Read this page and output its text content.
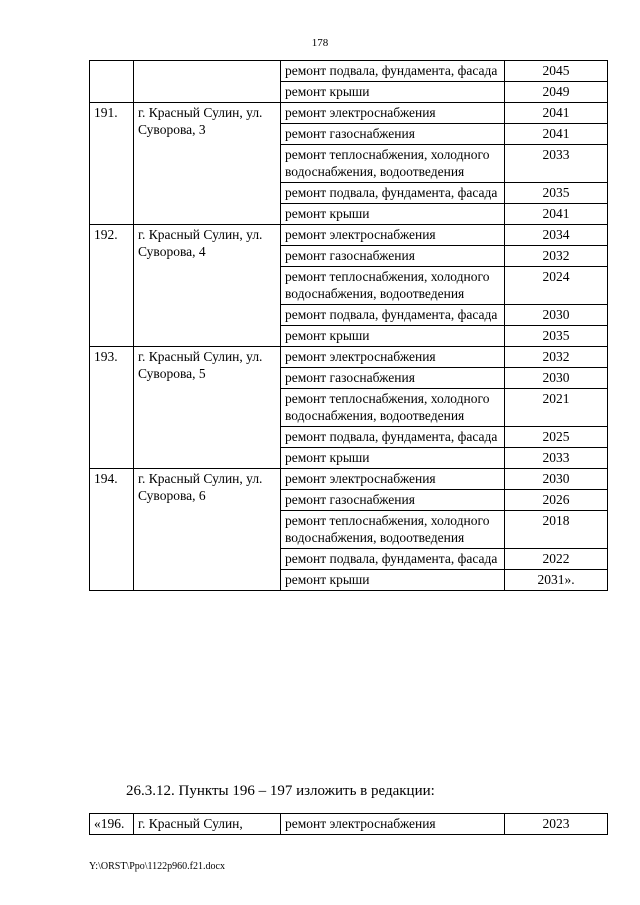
178
		ремонт подвала, фундамента, фасада	2045
		ремонт крыши	2049
191.	г. Красный Сулин, ул. Суворова, 3	ремонт электроснабжения	2041
		ремонт газоснабжения	2041
		ремонт теплоснабжения, холодного водоснабжения, водоотведения	2033
		ремонт подвала, фундамента, фасада	2035
		ремонт крыши	2041
192.	г. Красный Сулин, ул. Суворова, 4	ремонт электроснабжения	2034
		ремонт газоснабжения	2032
		ремонт теплоснабжения, холодного водоснабжения, водоотведения	2024
		ремонт подвала, фундамента, фасада	2030
		ремонт крыши	2035
193.	г. Красный Сулин, ул. Суворова, 5	ремонт электроснабжения	2032
		ремонт газоснабжения	2030
		ремонт теплоснабжения, холодного водоснабжения, водоотведения	2021
		ремонт подвала, фундамента, фасада	2025
		ремонт крыши	2033
194.	г. Красный Сулин, ул. Суворова, 6	ремонт электроснабжения	2030
		ремонт газоснабжения	2026
		ремонт теплоснабжения, холодного водоснабжения, водоотведения	2018
		ремонт подвала, фундамента, фасада	2022
		ремонт крыши	2031».
26.3.12. Пункты 196 – 197 изложить в редакции:
«196.	г. Красный Сулин,	ремонт электроснабжения	2023
Y:\ORST\Ppo\1122p960.f21.docx
